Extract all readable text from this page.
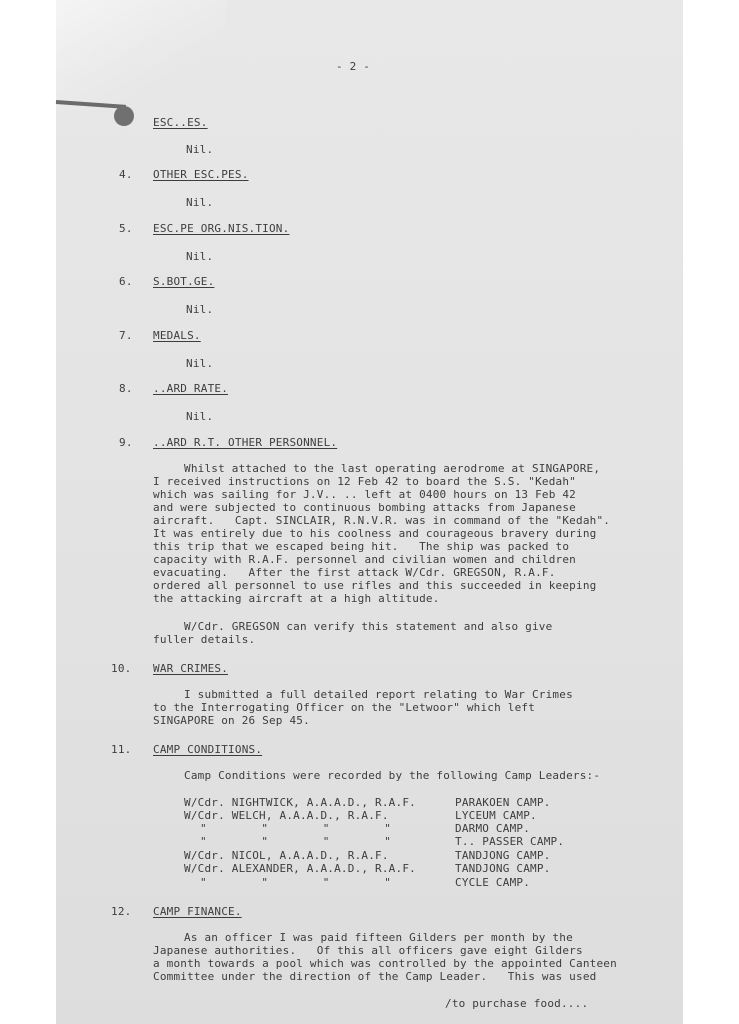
- 2 -

ESC..ES.

Nil.

4. OTHER ESC.PES.

Nil.

5. ESC.PE ORG.NIS.TION.

Nil.

6. S.BOT.GE.

Nil.

7. MEDALS.

Nil.

8. ..ARD RATE.

Nil.

9. ..ARD R.T. OTHER PERSONNEL.

Whilst attached to the last operating aerodrome at SINGAPORE,

I received instructions on 12 Feb 42 to board the S.S. "Kedah"

which was sailing for J.V.. .. left at 0400 hours on 13 Feb 42

and were subjected to continuous bombing attacks from Japanese

aircraft.   Capt. SINCLAIR, R.N.V.R. was in command of the "Kedah".

It was entirely due to his coolness and courageous bravery during

this trip that we escaped being hit.   The ship was packed to

capacity with R.A.F. personnel and civilian women and children

evacuating.   After the first attack W/Cdr. GREGSON, R.A.F.

ordered all personnel to use rifles and this succeeded in keeping

the attacking aircraft at a high altitude.

W/Cdr. GREGSON can verify this statement and also give

fuller details.

10. WAR CRIMES.

I submitted a full detailed report relating to War Crimes

to the Interrogating Officer on the "Letwoor" which left

SINGAPORE on 26 Sep 45.

11. CAMP CONDITIONS.

Camp Conditions were recorded by the following Camp Leaders:-

W/Cdr. NIGHTWICK, A.A.A.D., R.A.F.	PARAKOEN CAMP.

W/Cdr. WELCH, A.A.A.D., R.A.F.	LYCEUM CAMP.

"        "        "        "	DARMO CAMP.

"        "        "        "	T.. PASSER CAMP.

W/Cdr. NICOL, A.A.A.D., R.A.F.	TANDJONG CAMP.

W/Cdr. ALEXANDER, A.A.A.D., R.A.F.	TANDJONG CAMP.

"        "        "        "	CYCLE CAMP.

12. CAMP FINANCE.

As an officer I was paid fifteen Gilders per month by the

Japanese authorities.   Of this all officers gave eight Gilders

a month towards a pool which was controlled by the appointed Canteen

Committee under the direction of the Camp Leader.   This was used

/to purchase food....
